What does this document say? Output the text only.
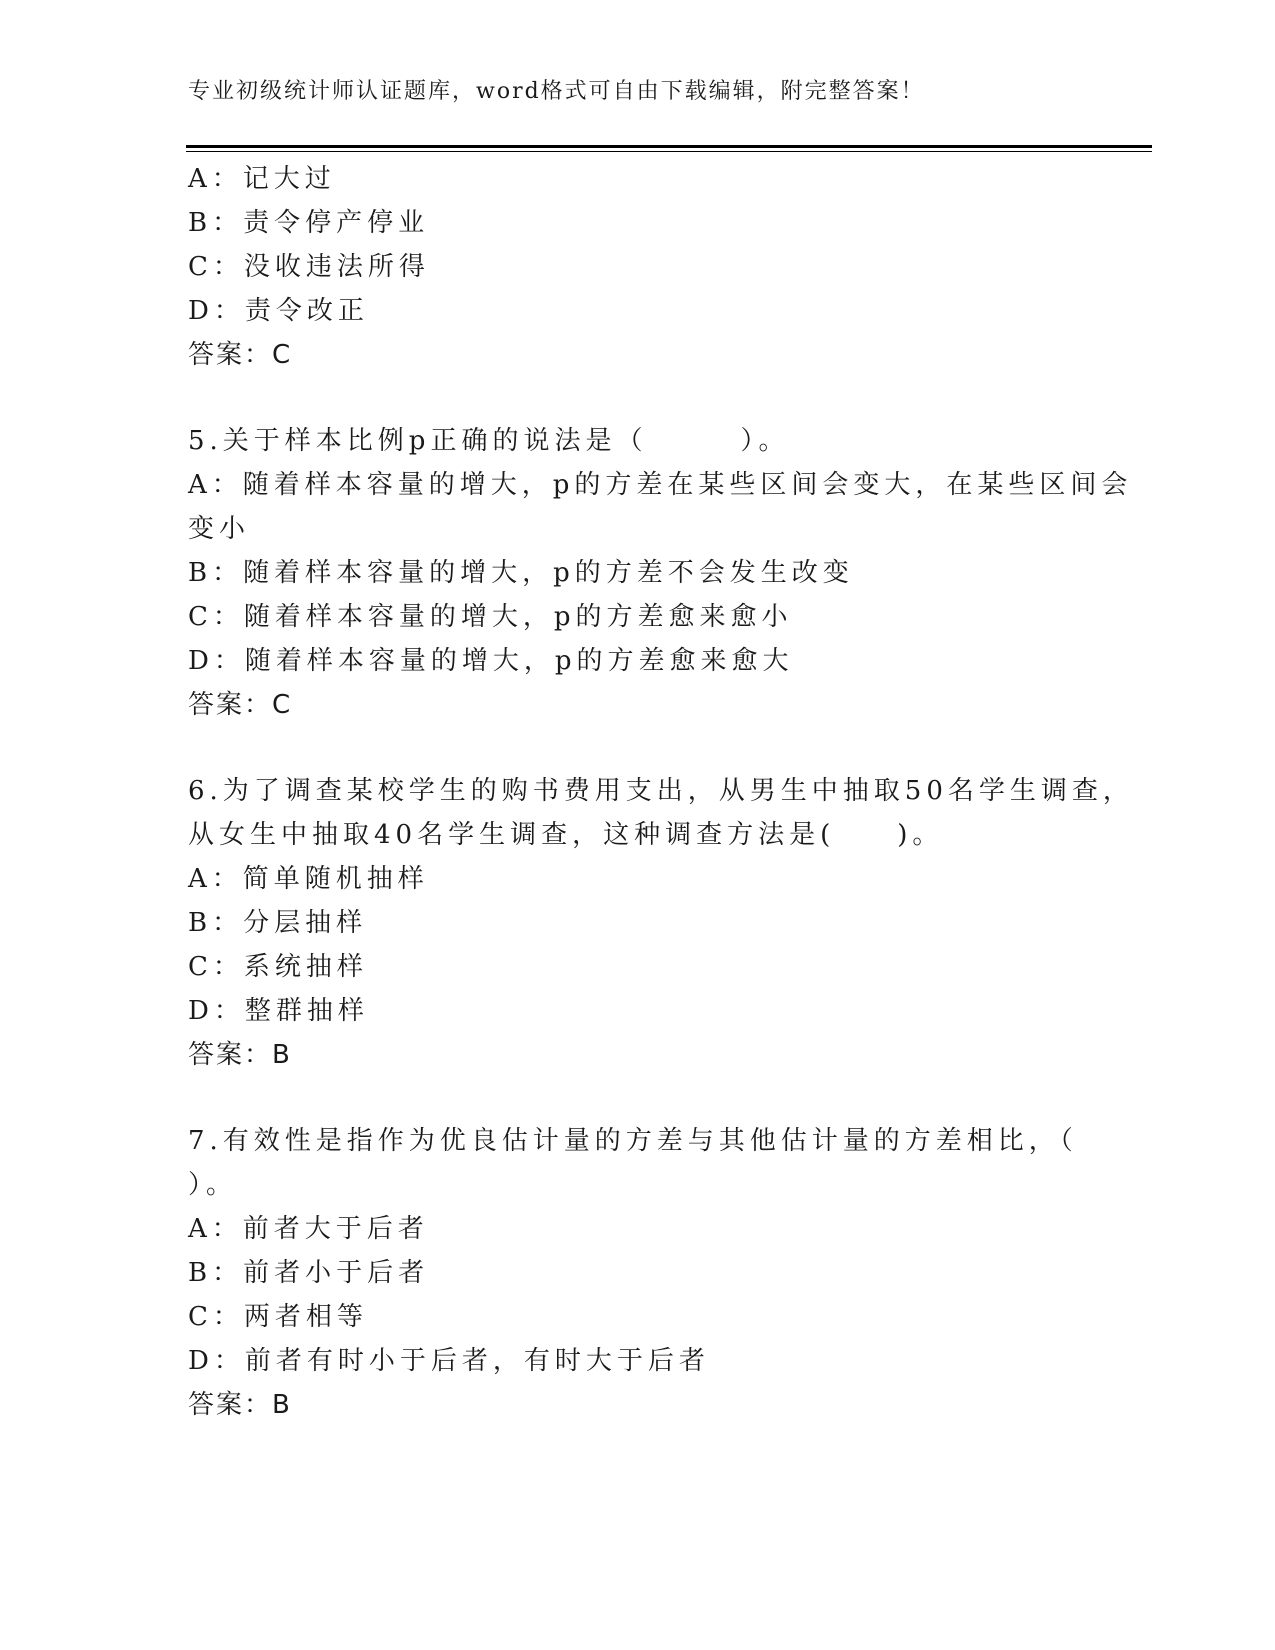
专业初级统计师认证题库，word格式可自由下载编辑，附完整答案！
A：记大过
B：责令停产停业
C：没收违法所得
D：责令改正
答案：C
5.关于样本比例p正确的说法是（　　　）。
A：随着样本容量的增大，p的方差在某些区间会变大，在某些区间会
变小
B：随着样本容量的增大，p的方差不会发生改变
C：随着样本容量的增大，p的方差愈来愈小
D：随着样本容量的增大，p的方差愈来愈大
答案：C
6.为了调查某校学生的购书费用支出，从男生中抽取50名学生调查，
从女生中抽取40名学生调查，这种调查方法是(　　)。
A：简单随机抽样
B：分层抽样
C：系统抽样
D：整群抽样
答案：B
7.有效性是指作为优良估计量的方差与其他估计量的方差相比，（
）。
A：前者大于后者
B：前者小于后者
C：两者相等
D：前者有时小于后者，有时大于后者
答案：B
